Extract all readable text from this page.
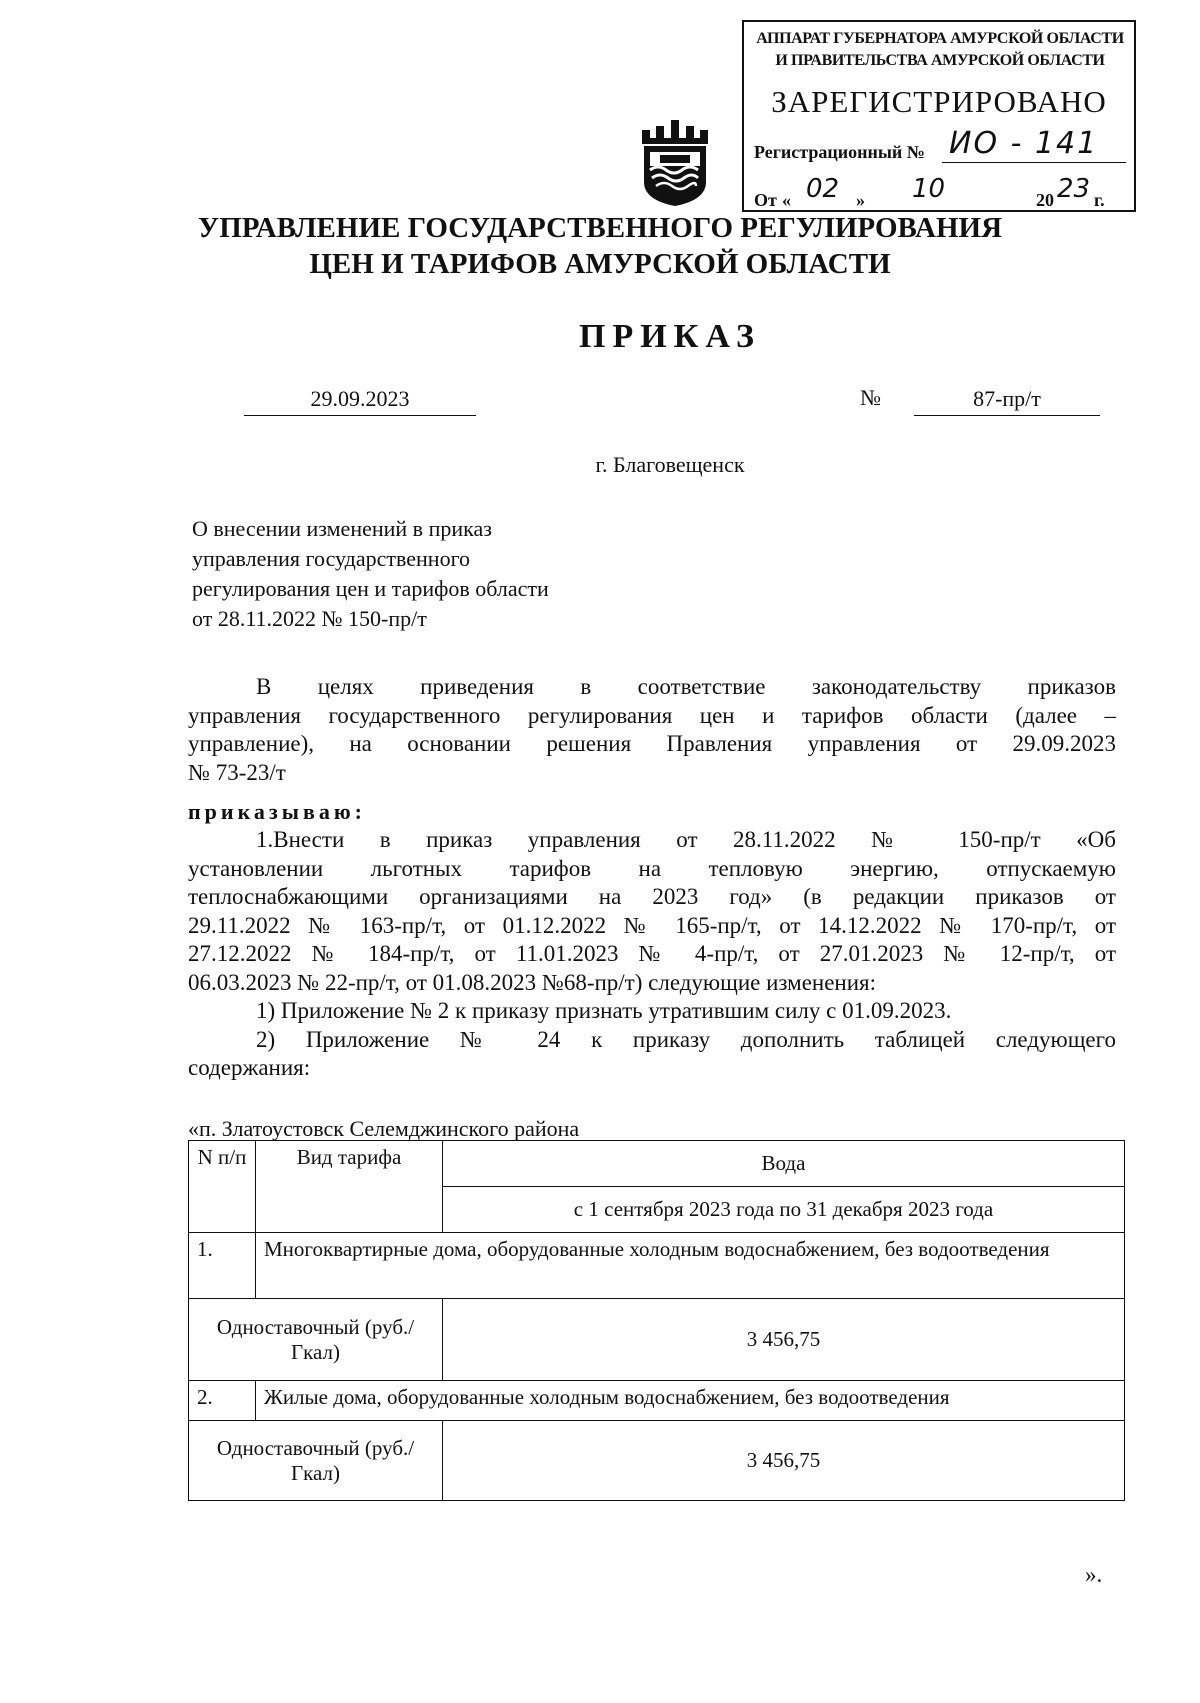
АППАРАТ ГУБЕРНАТОРА АМУРСКОЙ ОБЛАСТИ
И ПРАВИТЕЛЬСТВА АМУРСКОЙ ОБЛАСТИ
ЗАРЕГИСТРИРОВАНО
Регистрационный № ИО - 141
От « 02 » 10	20 23 г.
УПРАВЛЕНИЕ ГОСУДАРСТВЕННОГО РЕГУЛИРОВАНИЯ
ЦЕН И ТАРИФОВ АМУРСКОЙ ОБЛАСТИ
ПРИКАЗ
29.09.2023	№	87-пр/т
г. Благовещенск
О внесении изменений в приказ
управления государственного
регулирования цен и тарифов области
от 28.11.2022 № 150-пр/т

В целях приведения в соответствие законодательству приказов

управления государственного регулирования цен и тарифов области (далее –

управление), на основании решения Правления управления от 29.09.2023

№ 73-23/т

приказываю:

1.Внести в приказ управления от 28.11.2022 № 150-пр/т «Об

установлении льготных тарифов на тепловую энергию, отпускаемую

теплоснабжающими организациями на 2023 год» (в редакции приказов от

29.11.2022 № 163-пр/т, от 01.12.2022 № 165-пр/т, от 14.12.2022 № 170-пр/т, от

27.12.2022 № 184-пр/т, от 11.01.2023 № 4-пр/т, от 27.01.2023 № 12-пр/т, от

06.03.2023 № 22-пр/т, от 01.08.2023 №68-пр/т) следующие изменения:

1) Приложение № 2 к приказу признать утратившим силу с 01.09.2023.

2) Приложение № 24 к приказу дополнить таблицей следующего

содержания:

«п. Златоустовск Селемджинского района
N п/п	Вид тарифа	Вода
		с 1 сентября 2023 года по 31 декабря 2023 года
1.	Многоквартирные дома, оборудованные холодным водоснабжением, без водоотведения	
Одноставочный (руб./Гкал)		3 456,75
2.	Жилые дома, оборудованные холодным водоснабжением, без водоотведения	
Одноставочный (руб./Гкал)		3 456,75
».
